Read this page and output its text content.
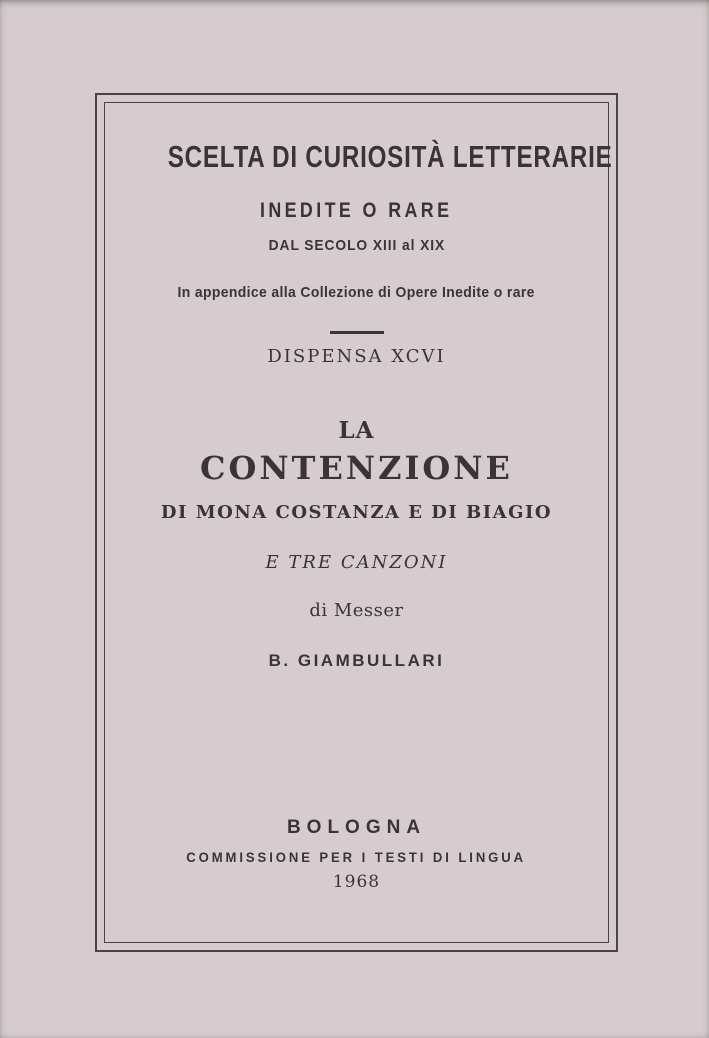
SCELTA DI CURIOSITÀ LETTERARIE
INEDITE O RARE
DAL SECOLO XIII al XIX
In appendice alla Collezione di Opere Inedite o rare
DISPENSA XCVI
LA
CONTENZIONE
DI MONA COSTANZA E DI BIAGIO
E TRE CANZONI
di Messer
B. GIAMBULLARI
BOLOGNA
COMMISSIONE PER I TESTI DI LINGUA
1968
